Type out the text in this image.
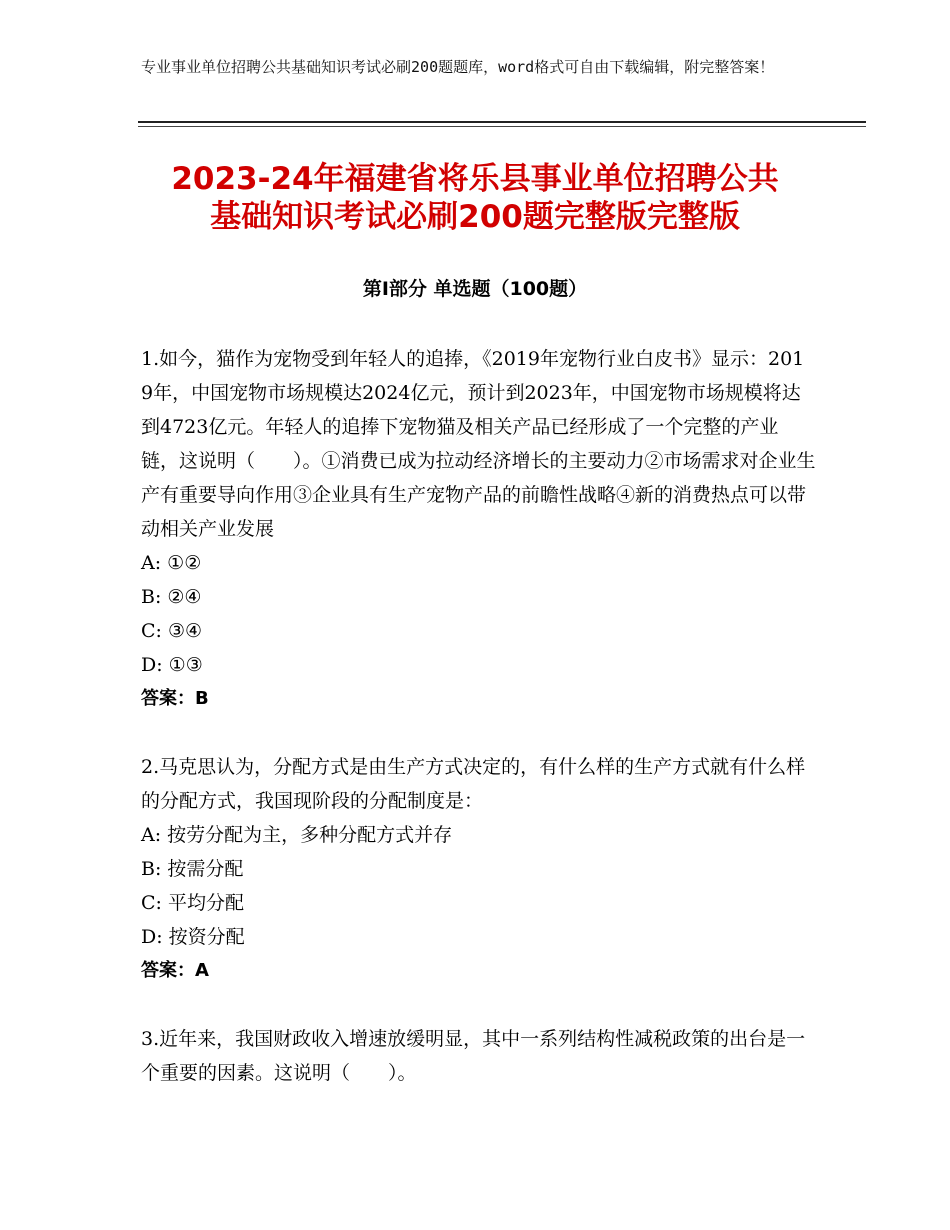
专业事业单位招聘公共基础知识考试必刷200题题库，word格式可自由下载编辑，附完整答案！
2023-24年福建省将乐县事业单位招聘公共
基础知识考试必刷200题完整版完整版
第Ⅰ部分 单选题（100题）
1.如今，猫作为宠物受到年轻人的追捧，《2019年宠物行业白皮书》显示：2019年，中国宠物市场规模达2024亿元，预计到2023年，中国宠物市场规模将达到4723亿元。年轻人的追捧下宠物猫及相关产品已经形成了一个完整的产业链，这说明（　　）。①消费已成为拉动经济增长的主要动力②市场需求对企业生产有重要导向作用③企业具有生产宠物产品的前瞻性战略④新的消费热点可以带动相关产业发展
A: ①②
B: ②④
C: ③④
D: ①③
答案：B
2.马克思认为，分配方式是由生产方式决定的，有什么样的生产方式就有什么样的分配方式，我国现阶段的分配制度是：
A: 按劳分配为主，多种分配方式并存
B: 按需分配
C: 平均分配
D: 按资分配
答案：A
3.近年来，我国财政收入增速放缓明显，其中一系列结构性减税政策的出台是一个重要的因素。这说明（　　）。
